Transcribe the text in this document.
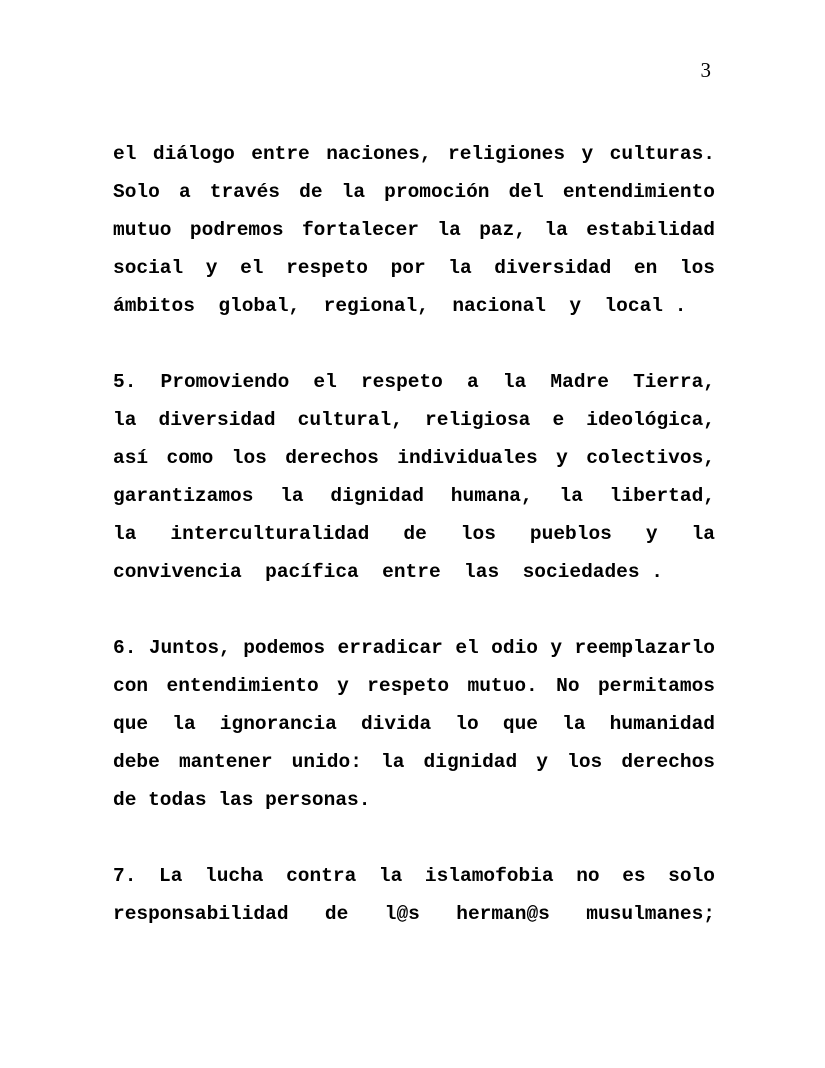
3
el diálogo entre naciones, religiones y culturas.
Solo a través de la promoción del entendimiento
mutuo podremos fortalecer la paz, la estabilidad
social y el respeto por la diversidad en los
ámbitos  global,  regional,  nacional  y  local .
5. Promoviendo el respeto a la Madre Tierra,
la diversidad cultural, religiosa e ideológica,
así como los derechos individuales y colectivos,
garantizamos la dignidad humana, la libertad,
la interculturalidad de los pueblos y la
convivencia  pacífica  entre  las  sociedades .
6. Juntos, podemos erradicar el odio y reemplazarlo
con entendimiento y respeto mutuo. No permitamos
que la ignorancia divida lo que la humanidad
debe mantener unido: la dignidad y los derechos
de todas las personas.
7. La lucha contra la islamofobia no es solo
responsabilidad de l@s herman@s musulmanes;
